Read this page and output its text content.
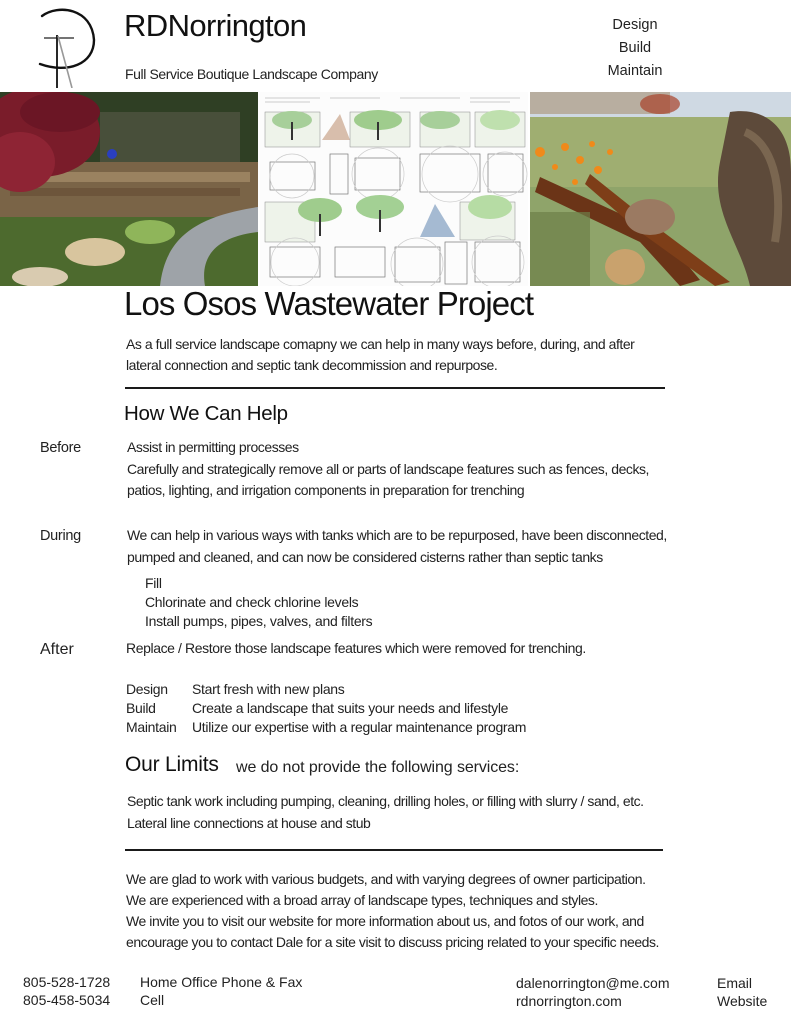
RDNorrington
Full Service Boutique Landscape Company
Design
Build
Maintain
Los Osos Wastewater Project
As a full service landscape comapny we can help in many ways before, during, and after
lateral connection and septic tank decommission and repurpose.
How We Can Help
Before	Assist in permitting processes
Carefully and strategically remove all or parts of landscape features such as fences, decks,
patios, lighting, and irrigation components in preparation for trenching
During	We can help in various ways with tanks which are to be repurposed, have been disconnected,
pumped and cleaned, and can now be considered cisterns rather than septic tanks
Fill
Chlorinate and check chlorine levels
Install pumps, pipes, valves, and filters
After	Replace / Restore those landscape features which were removed for trenching.
Design	Start fresh with new plans
Build	Create a landscape that suits your needs and lifestyle
Maintain	Utilize our expertise with a regular maintenance program
Our Limits we do not provide the following services:
Septic tank work including pumping, cleaning, drilling holes, or filling with slurry / sand, etc.
Lateral line connections at house and stub
We are glad to work with various budgets, and with varying degrees of owner participation.
We are experienced with a broad array of landscape types, techniques and styles.
We invite you to visit our website for more information about us, and fotos of our work, and
encourage you to contact Dale for a site visit to discuss pricing related to your specific needs.
805-528-1728	Home Office Phone & Fax
805-458-5034	Cell
dalenorrington@me.com	Email
rdnorrington.com	Website
